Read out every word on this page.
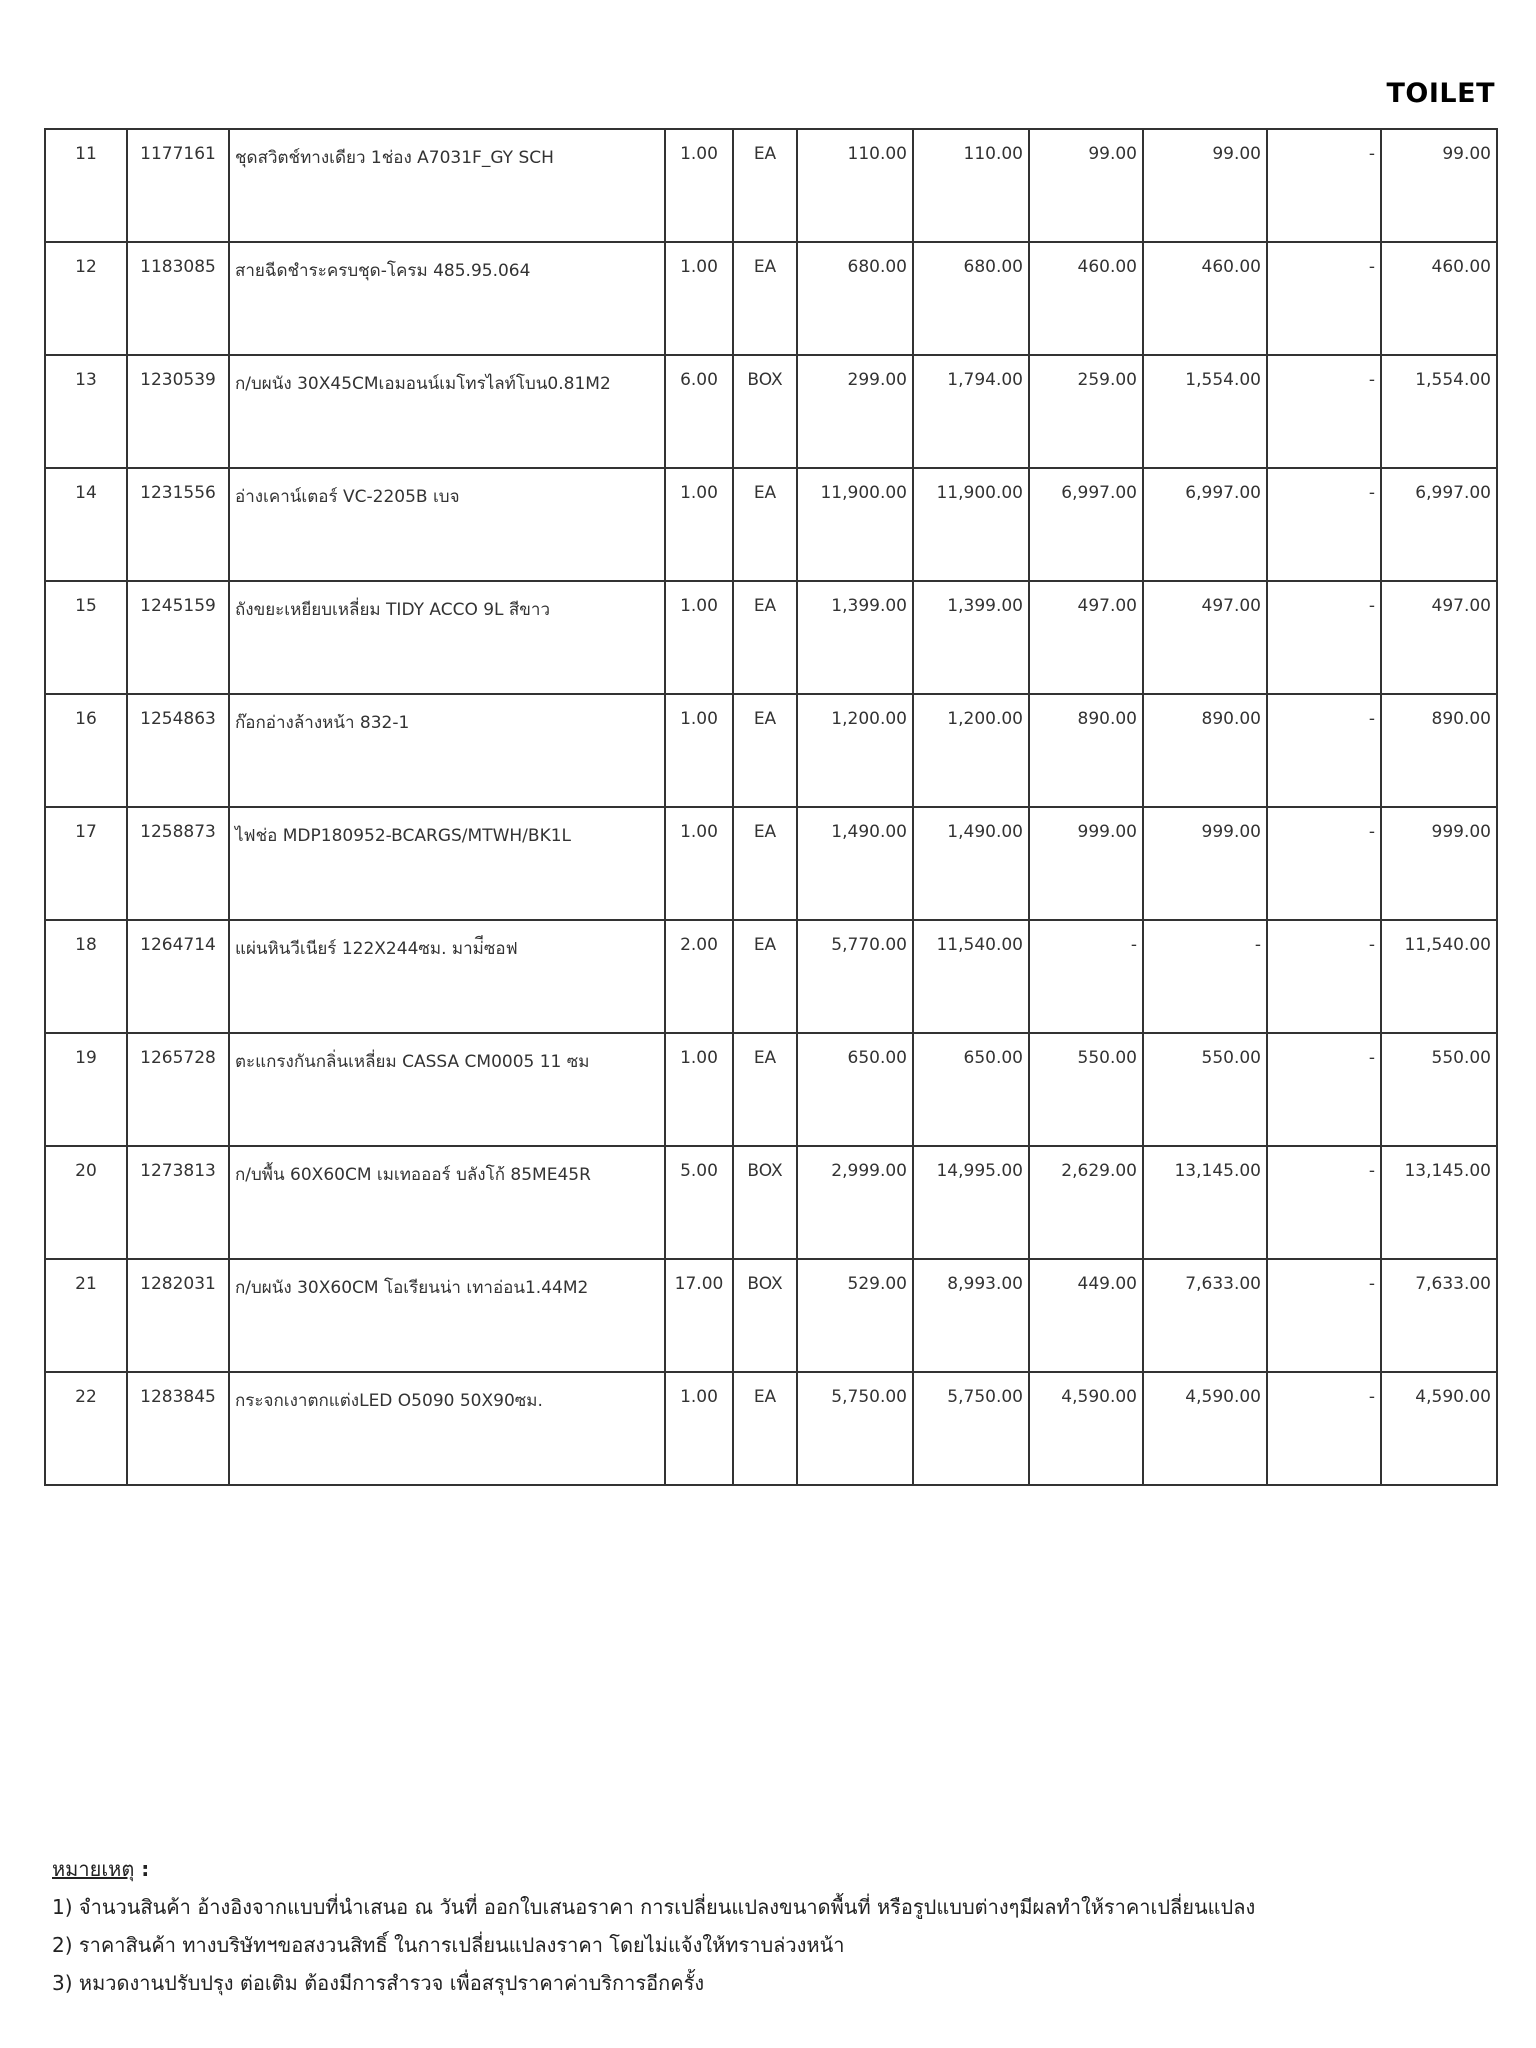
TOILET
11	1177161	ชุดสวิตช์ทางเดียว 1ช่อง A7031F_GY SCH	1.00	EA	110.00	110.00	99.00	99.00	-	99.00
12	1183085	สายฉีดชำระครบชุด-โครม 485.95.064	1.00	EA	680.00	680.00	460.00	460.00	-	460.00
13	1230539	ก/บผนัง 30X45CMเอมอนน์เมโทรไลท์โบน0.81M2	6.00	BOX	299.00	1,794.00	259.00	1,554.00	-	1,554.00
14	1231556	อ่างเคาน์เตอร์ VC-2205B เบจ	1.00	EA	11,900.00	11,900.00	6,997.00	6,997.00	-	6,997.00
15	1245159	ถังขยะเหยียบเหลี่ยม TIDY ACCO 9L สีขาว	1.00	EA	1,399.00	1,399.00	497.00	497.00	-	497.00
16	1254863	ก๊อกอ่างล้างหน้า 832-1	1.00	EA	1,200.00	1,200.00	890.00	890.00	-	890.00
17	1258873	ไฟช่อ MDP180952-BCARGS/MTWH/BK1L	1.00	EA	1,490.00	1,490.00	999.00	999.00	-	999.00
18	1264714	แผ่นหินวีเนียร์ 122X244ซม. มาม่ีซอฟ	2.00	EA	5,770.00	11,540.00	-	-	-	11,540.00
19	1265728	ตะแกรงกันกลิ่นเหลี่ยม CASSA CM0005 11 ซม	1.00	EA	650.00	650.00	550.00	550.00	-	550.00
20	1273813	ก/บพื้น 60X60CM เมเทอออร์ บลังโก้ 85ME45R	5.00	BOX	2,999.00	14,995.00	2,629.00	13,145.00	-	13,145.00
21	1282031	ก/บผนัง 30X60CM โอเรียนน่า เทาอ่อน1.44M2	17.00	BOX	529.00	8,993.00	449.00	7,633.00	-	7,633.00
22	1283845	กระจกเงาตกแต่งLED O5090 50X90ซม.	1.00	EA	5,750.00	5,750.00	4,590.00	4,590.00	-	4,590.00
หมายเหตุ :
1) จำนวนสินค้า อ้างอิงจากแบบที่นำเสนอ ณ วันที่ ออกใบเสนอราคา การเปลี่ยนแปลงขนาดพื้นที่ หรือรูปแบบต่างๆมีผลทำให้ราคาเปลี่ยนแปลง
2) ราคาสินค้า ทางบริษัทฯขอสงวนสิทธิ์ ในการเปลี่ยนแปลงราคา โดยไม่แจ้งให้ทราบล่วงหน้า
3) หมวดงานปรับปรุง ต่อเติม ต้องมีการสำรวจ เพื่อสรุปราคาค่าบริการอีกครั้ง
